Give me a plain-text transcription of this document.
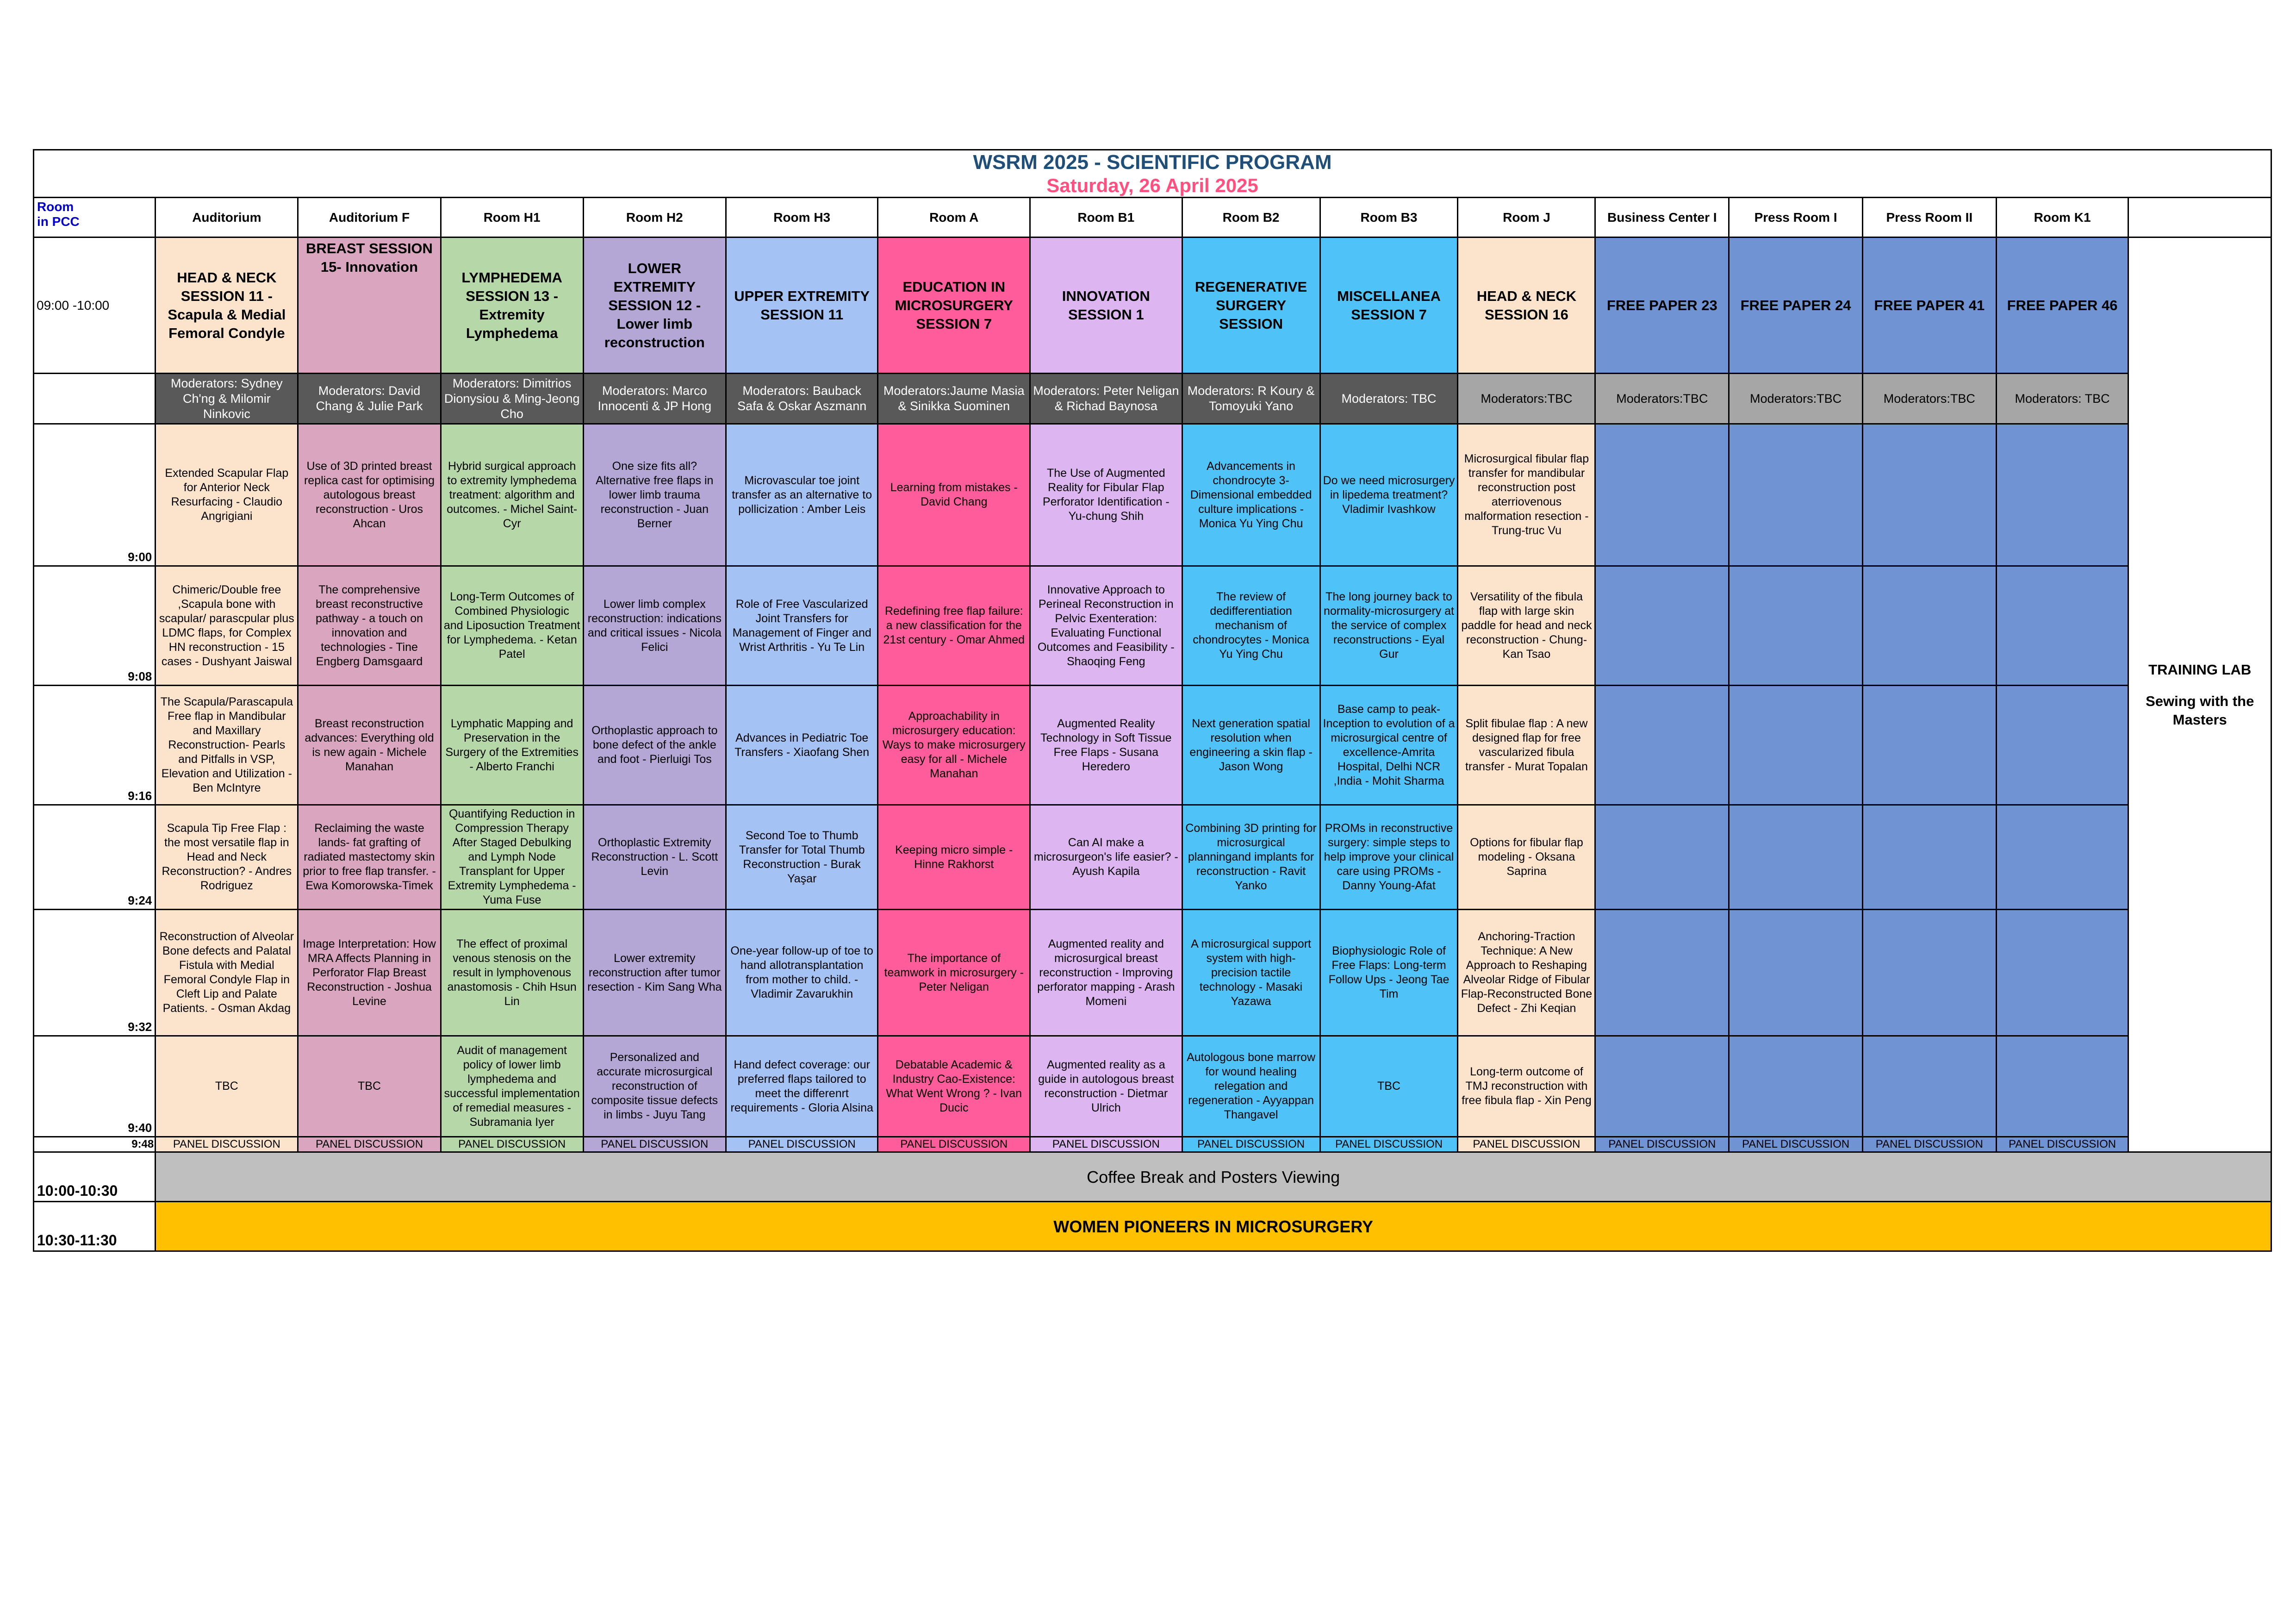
WSRM 2025 - SCIENTIFIC PROGRAM															
Saturday, 26 April 2025															
Room
in PCC	Auditorium	Auditorium F	Room H1	Room H2	Room H3	Room A	Room B1	Room B2	Room B3	Room J	Business Center I	Press Room I	Press Room II	Room K1	
09:00 -10:00	HEAD & NECK SESSION 11 - Scapula & Medial Femoral Condyle	BREAST SESSION 15- Innovation	LYMPHEDEMA SESSION 13 - Extremity Lymphedema	LOWER EXTREMITY SESSION 12 - Lower limb reconstruction	UPPER EXTREMITY SESSION 11	EDUCATION IN MICROSURGERY SESSION 7	INNOVATION SESSION 1	REGENERATIVE SURGERY SESSION	MISCELLANEA SESSION 7	HEAD & NECK SESSION 16	FREE PAPER 23	FREE PAPER 24	FREE PAPER 41	FREE PAPER 46	TRAINING LAB
Sewing with the Masters

	Moderators: Sydney Ch'ng & Milomir Ninkovic	Moderators: David Chang & Julie Park	Moderators: Dimitrios Dionysiou & Ming-Jeong Cho	Moderators: Marco Innocenti & JP Hong	Moderators: Bauback Safa & Oskar Aszmann	Moderators:Jaume Masia & Sinikka Suominen	Moderators: Peter Neligan & Richad Baynosa	Moderators: R Koury & Tomoyuki Yano	Moderators: TBC	Moderators:TBC	Moderators:TBC	Moderators:TBC	Moderators:TBC	Moderators: TBC	
9:00	Extended Scapular Flap for Anterior Neck Resurfacing - Claudio Angrigiani	Use of 3D printed breast replica cast for optimising autologous breast reconstruction - Uros Ahcan	Hybrid surgical approach to extremity lymphedema treatment: algorithm and outcomes. - Michel Saint-Cyr	One size fits all? Alternative free flaps in lower limb trauma reconstruction - Juan Berner	Microvascular toe joint transfer as an alternative to pollicization : Amber Leis	Learning from mistakes - David Chang	The Use of Augmented Reality for Fibular Flap Perforator Identification - Yu-chung Shih	Advancements in chondrocyte 3-Dimensional embedded culture implications - Monica Yu Ying Chu	Do we need microsurgery in lipedema treatment? Vladimir Ivashkow	Microsurgical fibular flap transfer for mandibular reconstruction post aterriovenous malformation resection - Trung-truc Vu					
9:08	Chimeric/Double free ,Scapula bone with scapular/ parascpular plus LDMC flaps, for Complex HN reconstruction - 15 cases - Dushyant Jaiswal	The comprehensive breast reconstructive pathway - a touch on innovation and technologies - Tine Engberg Damsgaard	Long-Term Outcomes of Combined Physiologic and Liposuction Treatment for Lymphedema. - Ketan Patel	Lower limb complex reconstruction: indications and critical issues - Nicola Felici	Role of Free Vascularized Joint Transfers for Management of Finger and Wrist Arthritis - Yu Te Lin	Redefining free flap failure: a new classification for the 21st century - Omar Ahmed	Innovative Approach to Perineal Reconstruction in Pelvic Exenteration: Evaluating Functional Outcomes and Feasibility - Shaoqing Feng	The review of dedifferentiation mechanism of chondrocytes - Monica Yu Ying Chu	The long journey back to normality-microsurgery at the service of complex reconstructions - Eyal Gur	Versatility of the fibula flap with large skin paddle for head and neck reconstruction - Chung-Kan Tsao					
9:16	The Scapula/Parascapula Free flap in Mandibular and Maxillary Reconstruction- Pearls and Pitfalls in VSP, Elevation and Utilization - Ben McIntyre	Breast reconstruction advances: Everything old is new again - Michele Manahan	Lymphatic Mapping and Preservation in the Surgery of the Extremities - Alberto Franchi	Orthoplastic approach to bone defect of the ankle and foot - Pierluigi Tos	Advances in Pediatric Toe Transfers - Xiaofang Shen	Approachability in microsurgery education: Ways to make microsurgery easy for all - Michele Manahan	Augmented Reality Technology in Soft Tissue Free Flaps - Susana Heredero	Next generation spatial resolution when engineering a skin flap - Jason Wong	Base camp to peak-Inception to evolution of a microsurgical centre of excellence-Amrita Hospital, Delhi NCR ,India - Mohit Sharma	Split fibulae flap : A new designed flap for free vascularized fibula transfer - Murat Topalan					
9:24	Scapula Tip Free Flap : the most versatile flap in Head and Neck Reconstruction? - Andres Rodriguez	Reclaiming the waste lands- fat grafting of radiated mastectomy skin prior to free flap transfer. - Ewa Komorowska-Timek	Quantifying Reduction in Compression Therapy After Staged Debulking and Lymph Node Transplant for Upper Extremity Lymphedema - Yuma Fuse	Orthoplastic Extremity Reconstruction - L. Scott Levin	Second Toe to Thumb Transfer for Total Thumb Reconstruction - Burak Yaşar	Keeping micro simple - Hinne Rakhorst	Can AI make a microsurgeon's life easier? - Ayush Kapila	Combining 3D printing for microsurgical planningand implants for reconstruction - Ravit Yanko	PROMs in reconstructive surgery: simple steps to help improve your clinical care using PROMs - Danny Young-Afat	Options for fibular flap modeling - Oksana Saprina					
9:32	Reconstruction of Alveolar Bone defects and Palatal Fistula with Medial Femoral Condyle Flap in Cleft Lip and Palate Patients. - Osman Akdag	Image Interpretation: How MRA Affects Planning in Perforator Flap Breast Reconstruction - Joshua Levine	The effect of proximal venous stenosis on the result in lymphovenous anastomosis - Chih Hsun Lin	Lower extremity reconstruction after tumor resection - Kim Sang Wha	One-year follow-up of toe to hand allotransplantation from mother to child. - Vladimir Zavarukhin	The importance of teamwork in microsurgery - Peter Neligan	Augmented reality and microsurgical breast reconstruction - Improving perforator mapping - Arash Momeni	A microsurgical support system with high-precision tactile technology - Masaki Yazawa	Biophysiologic Role of Free Flaps: Long-term Follow Ups - Jeong Tae Tim	Anchoring-Traction Technique: A New Approach to Reshaping Alveolar Ridge of Fibular Flap-Reconstructed Bone Defect - Zhi Keqian					
9:40	TBC	TBC	Audit of management policy of lower limb lymphedema and successful implementation of remedial measures - Subramania Iyer	Personalized and accurate microsurgical reconstruction of composite tissue defects in limbs - Juyu Tang	Hand defect coverage: our preferred flaps tailored to meet the differenrt requirements - Gloria Alsina	Debatable Academic & Industry Cao-Existence: What Went Wrong ? - Ivan Ducic	Augmented reality as a guide in autologous breast reconstruction - Dietmar Ulrich	Autologous bone marrow for wound healing relegation and regeneration - Ayyappan Thangavel	TBC	Long-term outcome of TMJ reconstruction with free fibula flap - Xin Peng					
9:48	PANEL DISCUSSION	PANEL DISCUSSION	PANEL DISCUSSION	PANEL DISCUSSION	PANEL DISCUSSION	PANEL DISCUSSION	PANEL DISCUSSION	PANEL DISCUSSION	PANEL DISCUSSION	PANEL DISCUSSION	PANEL DISCUSSION	PANEL DISCUSSION	PANEL DISCUSSION	PANEL DISCUSSION	
10:00-10:30	Coffee Break and Posters Viewing														
10:30-11:30	WOMEN PIONEERS IN MICROSURGERY														
